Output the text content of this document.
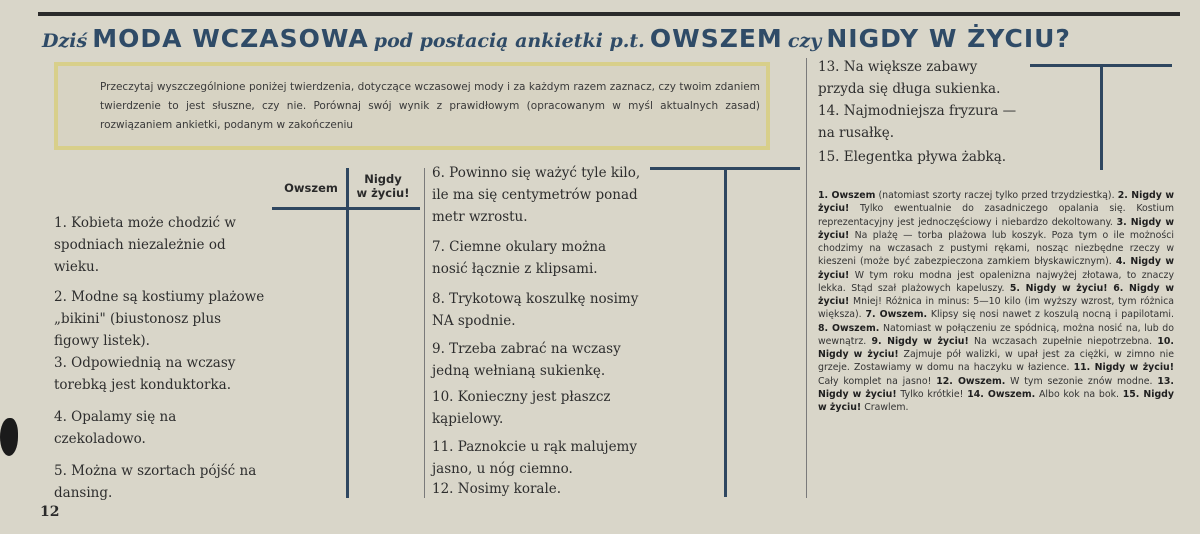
Dziś MODA WCZASOWA pod postacią ankietki p.t. OWSZEM czy NIGDY W ŻYCIU?
Przeczytaj wyszczególnione poniżej twierdzenia, dotyczące wczasowej mody i za każdym razem zaznacz, czy twoim zdaniem twierdzenie to jest słuszne, czy nie. Porównaj swój wynik z prawidłowym (opracowanym w myśl aktualnych zasad) rozwiązaniem ankietki, podanym w zakończeniu
Owszem
Nigdy
w życiu!
1. Kobieta może chodzić w spodniach niezależnie od wieku.
2. Modne są kostiumy plażowe „bikini" (biustonosz plus figowy listek).
3. Odpowiednią na wczasy torebką jest konduktorka.
4. Opalamy się na czekoladowo.
5. Można w szortach pójść na dansing.
6. Powinno się ważyć tyle kilo, ile ma się centymetrów ponad metr wzrostu.
7. Ciemne okulary można nosić łącznie z klipsami.
8. Trykotową koszulkę nosimy NA spodnie.
9. Trzeba zabrać na wczasy jedną wełnianą sukienkę.
10. Konieczny jest płaszcz kąpielowy.
11. Paznokcie u rąk malujemy jasno, u nóg ciemno.
12. Nosimy korale.
13. Na większe zabawy przyda się długa sukienka.
14. Najmodniejsza fryzura — na rusałkę.
15. Elegentka pływa żabką.
1. Owszem (natomiast szorty raczej tylko przed trzydziestką). 2. Nigdy w życiu! Tylko ewentualnie do zasadniczego opalania się. Kostium reprezentacyjny jest jednoczęściowy i niebardzo dekoltowany. 3. Nigdy w życiu! Na plażę — torba plażowa lub koszyk. Poza tym o ile możności chodzimy na wczasach z pustymi rękami, nosząc niezbędne rzeczy w kieszeni (może być zabezpieczona zamkiem błyskawicznym). 4. Nigdy w życiu! W tym roku modna jest opalenizna najwyżej złotawa, to znaczy lekka. Stąd szał plażowych kapeluszy. 5. Nigdy w życiu! 6. Nigdy w życiu! Mniej! Różnica in minus: 5—10 kilo (im wyższy wzrost, tym różnica większa). 7. Owszem. Klipsy się nosi nawet z koszulą nocną i papilotami. 8. Owszem. Natomiast w połączeniu ze spódnicą, można nosić na, lub do wewnątrz. 9. Nigdy w życiu! Na wczasach zupełnie niepotrzebna. 10. Nigdy w życiu! Zajmuje pół walizki, w upał jest za ciężki, w zimno nie grzeje. Zostawiamy w domu na haczyku w łazience. 11. Nigdy w życiu! Cały komplet na jasno! 12. Owszem. W tym sezonie znów modne. 13. Nigdy w życiu! Tylko krótkie! 14. Owszem. Albo kok na bok. 15. Nigdy w życiu! Crawlem.
12
